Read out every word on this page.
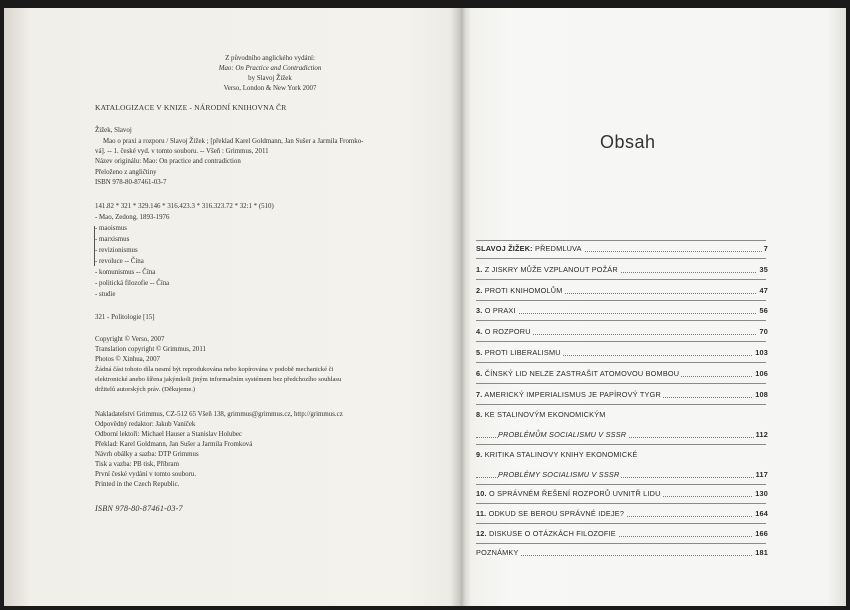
Z původního anglického vydání:
Mao: On Practice and Contradiction
by Slavoj Žižek
Verso, London & New York 2007
KATALOGIZACE V KNIZE - NÁRODNÍ KNIHOVNA ČR
Žižek, Slavoj
Mao o praxi a rozporu / Slavoj Žižek ; [překlad Karel Goldmann, Jan Sušer a Jarmila Fromko-
vá]. -- 1. české vyd. v tomto souboru. -- Všeň : Grimmus, 2011
Název originálu: Mao: On practice and contradiction
Přeloženo z angličtiny
ISBN 978-80-87461-03-7
141.82 * 321 * 329.146 * 316.423.3 * 316.323.72 * 32:1 * (510)
- Mao, Zedong, 1893-1976
- maoismus
- marxismus
- revizionismus
- revoluce -- Čína
- komunismus -- Čína
- politická filozofie -- Čína
- studie
321 - Politologie [15]
Copyright © Verso, 2007
Translation copyright © Grimmus, 2011
Photos © Xinhua, 2007
Žádná část tohoto díla nesmí být reprodukována nebo kopírována v podobě mechanické či
elektronické anebo šířena jakýmkoli jiným informačním systémem bez předchozího souhlasu
držitelů autorských práv. (Děkujeme.)
Nakladatelství Grimmus, CZ-512 65 Všeň 138, grimmus@grimmus.cz, http://grimmus.cz
Odpovědný redaktor: Jakub Vaníček
Odborní lektoři: Michael Hauser a Stanislav Holubec
Překlad: Karel Goldmann, Jan Sušer a Jarmila Fromková
Návrh obálky a sazba: DTP Grimmus
Tisk a vazba: PB tisk, Příbram
První české vydání v tomto souboru.
Printed in the Czech Republic.
ISBN 978-80-87461-03-7
Obsah
SLAVOJ ŽIŽEK: PŘEDMLUVA	7
1. Z JISKRY MŮŽE VZPLANOUT POŽÁR	35
2. PROTI KNIHOMOLŮM	47
3. O PRAXI	56
4. O ROZPORU	70
5. PROTI LIBERALISMU	103
6. ČÍNSKÝ LID NELZE ZASTRAŠIT ATOMOVOU BOMBOU	106
7. AMERICKÝ IMPERIALISMUS JE PAPÍROVÝ TYGR	108
8. KE STALINOVÝM EKONOMICKÝM
PROBLÉMŮM SOCIALISMU V SSSR	112
9. KRITIKA STALINOVY KNIHY EKONOMICKÉ
PROBLÉMY SOCIALISMU V SSSR	117
10. O SPRÁVNÉM ŘEŠENÍ ROZPORŮ UVNITŘ LIDU	130
11. ODKUD SE BEROU SPRÁVNÉ IDEJE?	164
12. DISKUSE O OTÁZKÁCH FILOZOFIE	166
POZNÁMKY	181
